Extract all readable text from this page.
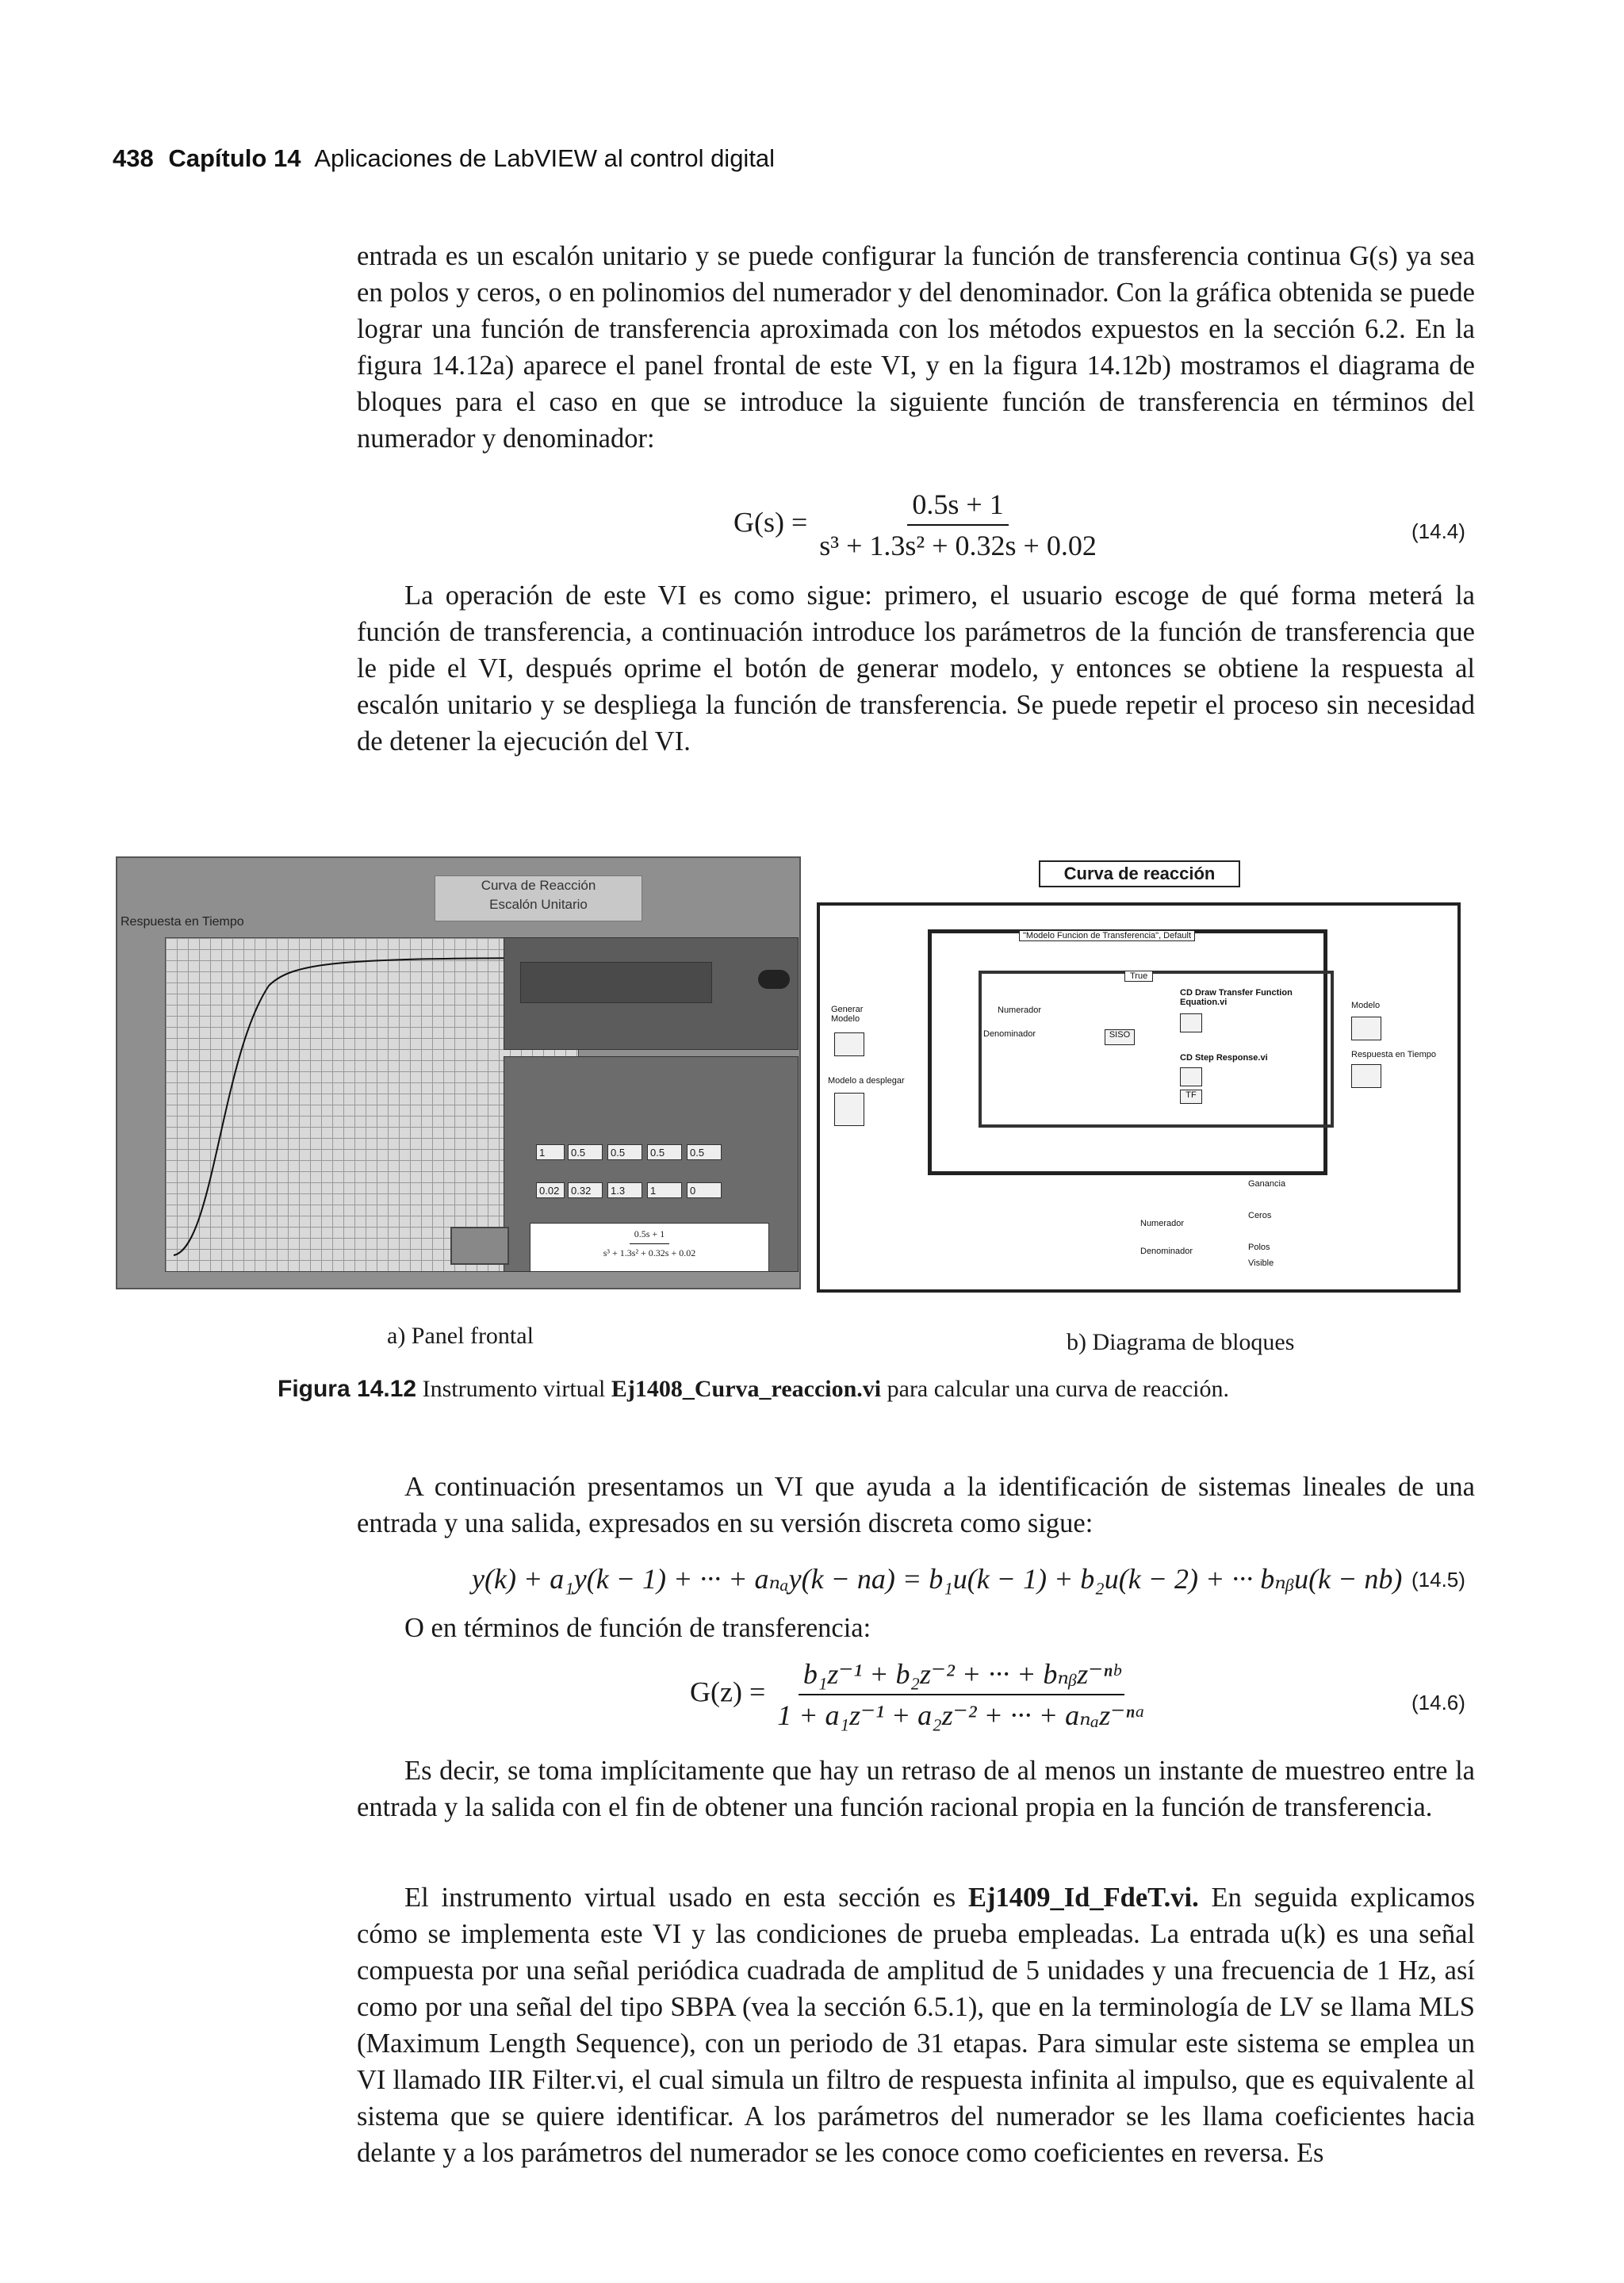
438 Capítulo 14 Aplicaciones de LabVIEW al control digital

entrada es un escalón unitario y se puede configurar la función de transferencia continua G(s) ya sea en polos y ceros, o en polinomios del numerador y del denominador. Con la gráfica obtenida se puede lograr una función de transferencia aproximada con los métodos expuestos en la sección 6.2. En la figura 14.12a) aparece el panel frontal de este VI, y en la figura 14.12b) mostramos el diagrama de bloques para el caso en que se introduce la siguiente función de transferencia en términos del numerador y denominador:

$G(s) = \frac{0.5s + 1}{\text{s³ + 1.3s² + 0.32s + 0.02}}$	(14.4)

La operación de este VI es como sigue: primero, el usuario escoge de qué forma meterá la función de transferencia, a continuación introduce los parámetros de la función de transferencia que le pide el VI, después oprime el botón de generar modelo, y entonces se obtiene la respuesta al escalón unitario y se despliega la función de transferencia. Se puede repetir el proceso sin necesidad de detener la ejecución del VI.

Curva de Reacción
Escalón Unitario
Respuesta en Tiempo
1	0.5	0.5	0.5	0.5
0.02	0.32	1.3	1	0
$\frac{0.5s + 1}{\text{s³ + 1.3s² + 0.32s + 0.02}}$
Curva de reacción
"Modelo Funcion de Transferencia", Default
True
Numerador
Denominador	SISO
CD Draw Transfer Function Equation.vi
CD Step Response.vi
TF
Generar Modelo
Modelo a desplegar
Modelo
Respuesta en Tiempo
Numerador
Denominador
Ganancia
Ceros
Polos
Visible
a) Panel frontal	b) Diagrama de bloques
Figura 14.12 Instrumento virtual Ej1408_Curva_reaccion.vi para calcular una curva de reacción.

A continuación presentamos un VI que ayuda a la identificación de sistemas lineales de una entrada y una salida, expresados en su versión discreta como sigue:

y(k) + a₁y(k − 1) + ··· + aₙₐy(k − na) = b₁u(k − 1) + b₂u(k − 2) + ··· bₙᵦu(k − nb) (14.5)

O en términos de función de transferencia:

$G(z) = \frac{\text{b₁z⁻¹ + b₂z⁻² + ··· + bₙᵦz⁻ⁿᵇ}}{\text{1 + a₁z⁻¹ + a₂z⁻² + ··· + aₙₐz⁻ⁿᵃ}}$	(14.6)

Es decir, se toma implícitamente que hay un retraso de al menos un instante de muestreo entre la entrada y la salida con el fin de obtener una función racional propia en la función de transferencia.

El instrumento virtual usado en esta sección es Ej1409_Id_FdeT.vi. En seguida explicamos cómo se implementa este VI y las condiciones de prueba empleadas. La entrada u(k) es una señal compuesta por una señal periódica cuadrada de amplitud de 5 unidades y una frecuencia de 1 Hz, así como por una señal del tipo SBPA (vea la sección 6.5.1), que en la terminología de LV se llama MLS (Maximum Length Sequence), con un periodo de 31 etapas. Para simular este sistema se emplea un VI llamado IIR Filter.vi, el cual simula un filtro de respuesta infinita al impulso, que es equivalente al sistema que se quiere identificar. A los parámetros del numerador se les llama coeficientes hacia delante y a los parámetros del numerador se les conoce como coeficientes en reversa. Es
